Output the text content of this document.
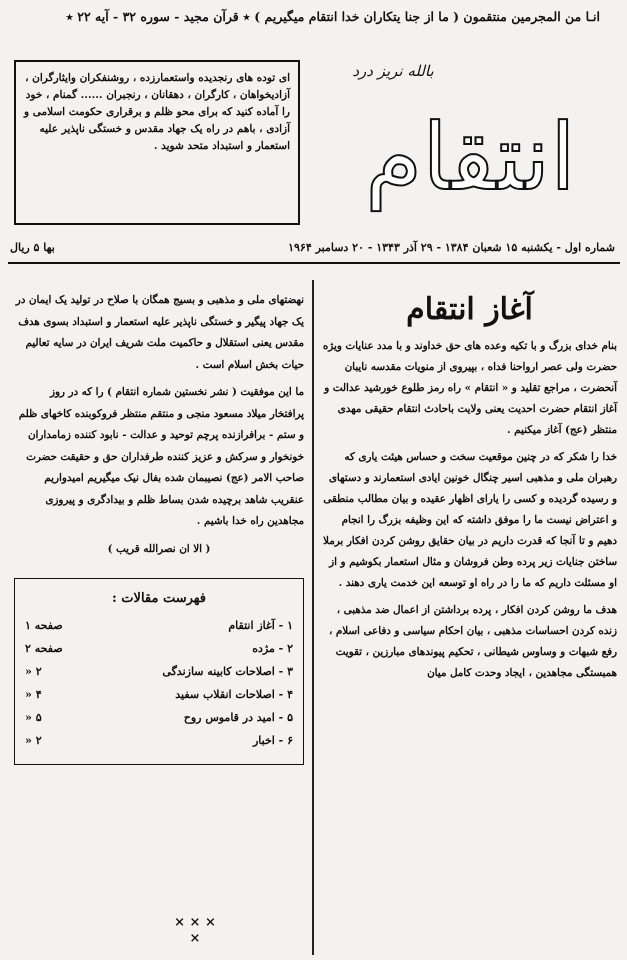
انـا من المجرمين منتقمون ( ما از جنا یتکاران خدا انتقام میگیریم ) ٭ قرآن مجید - سوره ۳۲ - آیه ۲۲ ٭
ای توده های رنجدیده واستعمارزده ، روشنفکران وایثارگران ، آزادیخواهان ، کارگران ، دهقانان ، رنجبران ...... گمنام ، خود را آماده کنید که برای محو ظلم و برقراری حکومت اسلامی و آزادی ، باهم در راه یک جهاد مقدس و خستگی ناپذیر علیه استعمار و استبداد متحد شوید .
بالله نریز درد
انتقام
شماره اول - یکشنبه ۱۵ شعبان ۱۳۸۴ - ۲۹ آذر ۱۳۴۳ - ۲۰ دسامبر ۱۹۶۴
بها ۵ ریال
آغاز انتقام
بنام خدای بزرگ و با تکیه وعده های حق خداوند و با مدد عنایات ویژه حضرت ولی عصر ارواحنا فداه ، بپیروی از منویات مقدسه نایبان آنحضرت ، مراجع تقلید و « انتقام » راه رمز طلوع خورشید عدالت و آغاز انتقام حضرت احدیت یعنی ولایت باحادث انتقام حقیقی مهدی منتظر (عج) آغاز میکنیم .
خدا را شکر که در چنین موقعیت سخت و حساس هیئت یاری که رهبران ملی و مذهبی اسیر چنگال خونین ایادی استعمارند و دستهای و رسیده گردیده و کسی را یارای اظهار عقیده و بیان مطالب منطقی و اعتراض نیست ما را موفق داشته که این وظیفه بزرگ را انجام دهیم و تا آنجا که قدرت داریم در بیان حقایق روشن کردن افکار برملا ساختن جنایات زیر پرده وطن فروشان و مثال استعمار بکوشیم و از او مسئلت داریم که ما را در راه او توسعه این خدمت یاری دهند .
هدف ما روشن کردن افکار ، پرده برداشتن از اعمال ضد مذهبی ، زنده کردن احساسات مذهبی ، بیان احکام سیاسی و دفاعی اسلام ، رفع شبهات و وساوس شیطانی ، تحکیم پیوندهای مبارزین ، تقویت همبستگی مجاهدین ، ایجاد وحدت کامل میان
نهضتهای ملی و مذهبی و بسیج همگان با صلاح در تولید یک ایمان در یک جهاد پیگیر و خستگی ناپذیر علیه استعمار و استبداد بسوی هدف مقدس یعنی استقلال و حاکمیت ملت شریف ایران در سایه تعالیم حیات بخش اسلام است .
ما این موفقیت ( نشر نخستین شماره انتقام ) را که در روز پرافتخار میلاد مسعود منجی و منتقم منتظر فروکوبنده کاخهای ظلم و ستم - برافرازنده پرچم توحید و عدالت - نابود کننده زمامداران خونخوار و سرکش و عزیز کننده طرفداران حق و حقیقت حضرت صاحب الامر (عج) نصیبمان شده بفال نیک میگیریم امیدواریم عنقریب شاهد برچیده شدن بساط ظلم و بیدادگری و پیروزی مجاهدین راه خدا باشیم .
( الا ان نصرالله قریب )
فهرست مقالات :
۱ - آغاز انتقام
صفحه ۱
۲ - مژده
صفحه ۲
۳ - اصلاحات کابینه سازندگی
۲ «
۴ - اصلاحات انقلاب سفید
۴ «
۵ - امید در قاموس روح
۵ «
۶ - اخبار
۲ «
× × ×
×
